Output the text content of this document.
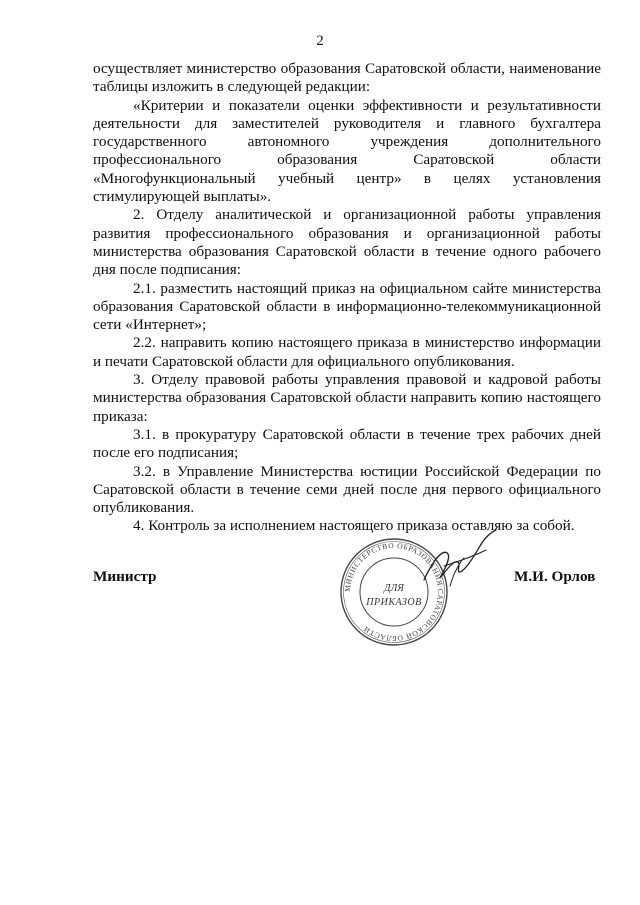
2

осуществляет министерство образования Саратовской области, наименование таблицы изложить в следующей редакции:

«Критерии и показатели оценки эффективности и результативности деятельности для заместителей руководителя и главного бухгалтера государственного автономного учреждения дополнительного профессионального образования Саратовской области «Многофункциональный учебный центр» в целях установления стимулирующей выплаты».

2. Отделу аналитической и организационной работы управления развития профессионального образования и организационной работы министерства образования Саратовской области в течение одного рабочего дня после подписания:

2.1. разместить настоящий приказ на официальном сайте министерства образования Саратовской области в информационно-телекоммуникационной сети «Интернет»;

2.2. направить копию настоящего приказа в министерство информации и печати Саратовской области для официального опубликования.

3. Отделу правовой работы управления правовой и кадровой работы министерства образования Саратовской области направить копию настоящего приказа:

3.1. в прокуратуру Саратовской области в течение трех рабочих дней после его подписания;

3.2. в Управление Министерства юстиции Российской Федерации по Саратовской области в течение семи дней после дня первого официального опубликования.

4. Контроль за исполнением настоящего приказа оставляю за собой.

Министр
МИНИСТЕРСТВО ОБРАЗОВАНИЯ САРАТОВСКОЙ ОБЛАСТИ
ДЛЯ
ПРИКАЗОВ
М.И. Орлов
